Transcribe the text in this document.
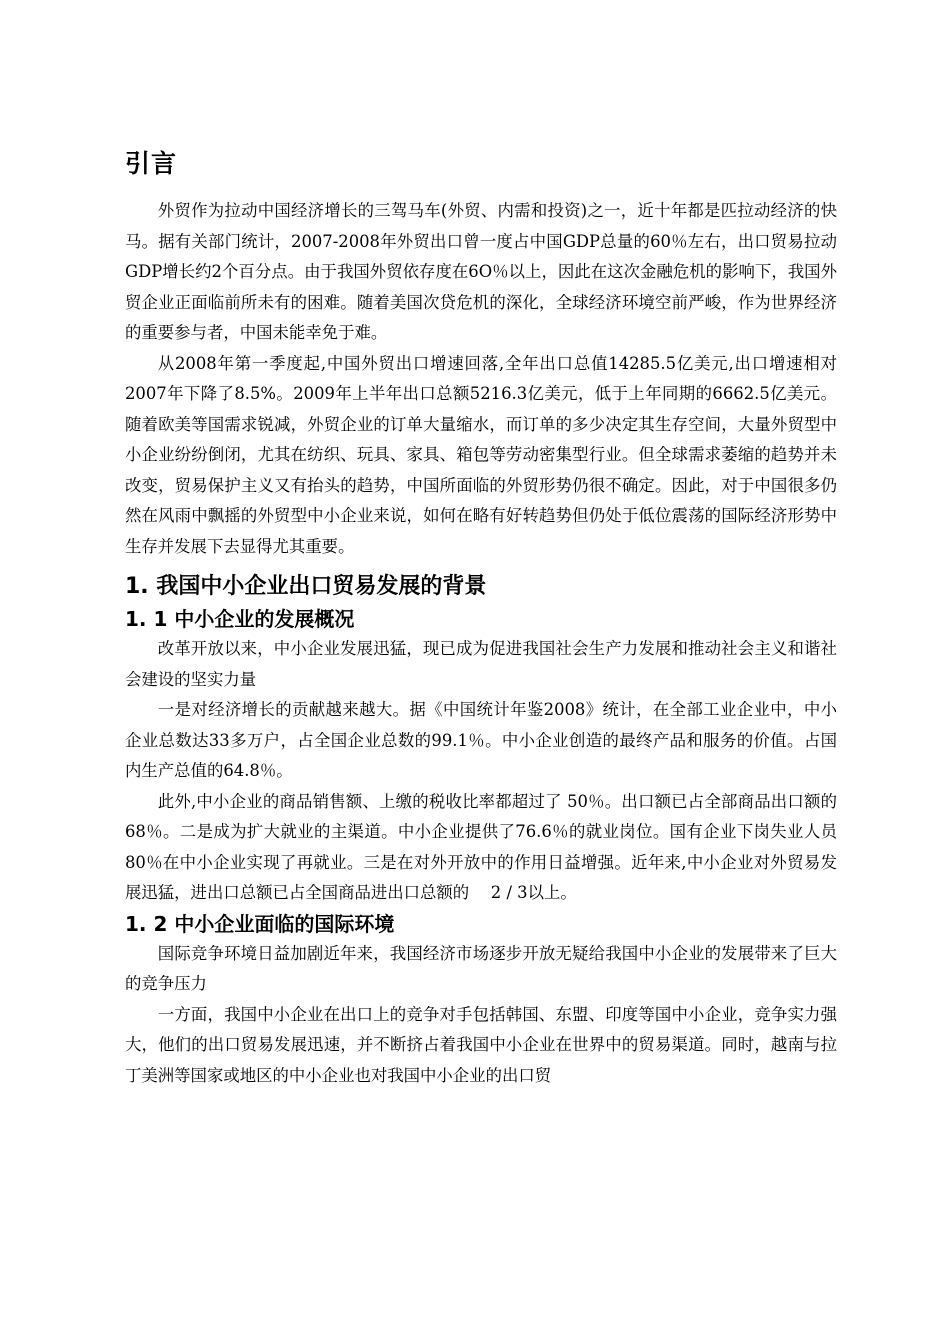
引言

外贸作为拉动中国经济增长的三驾马车(外贸、内需和投资)之一，近十年都是匹拉动经济的快马。据有关部门统计，2007-2008年外贸出口曾一度占中国GDP总量的60％左右，出口贸易拉动GDP增长约2个百分点。由于我国外贸依存度在6O％以上，因此在这次金融危机的影响下，我国外贸企业正面临前所未有的困难。随着美国次贷危机的深化，全球经济环境空前严峻，作为世界经济的重要参与者，中国未能幸免于难。

从2008年第一季度起,中国外贸出口增速回落,全年出口总值14285.5亿美元,出口增速相对2007年下降了8.5%。2009年上半年出口总额5216.3亿美元，低于上年同期的6662.5亿美元。随着欧美等国需求锐减，外贸企业的订单大量缩水，而订单的多少决定其生存空间，大量外贸型中小企业纷纷倒闭，尤其在纺织、玩具、家具、箱包等劳动密集型行业。但全球需求萎缩的趋势并未改变，贸易保护主义又有抬头的趋势，中国所面临的外贸形势仍很不确定。因此，对于中国很多仍然在风雨中飘摇的外贸型中小企业来说，如何在略有好转趋势但仍处于低位震荡的国际经济形势中生存并发展下去显得尤其重要。

1. 我国中小企业出口贸易发展的背景
1. 1 中小企业的发展概况

改革开放以来，中小企业发展迅猛，现已成为促进我国社会生产力发展和推动社会主义和谐社会建设的坚实力量

一是对经济增长的贡献越来越大。据《中国统计年鉴2008》统计，在全部工业企业中，中小企业总数达33多万户，占全国企业总数的99.1％。中小企业创造的最终产品和服务的价值。占国内生产总值的64.8％。

此外,中小企业的商品销售额、上缴的税收比率都超过了 50％。出口额已占全部商品出口额的68％。二是成为扩大就业的主渠道。中小企业提供了76.6％的就业岗位。国有企业下岗失业人员80％在中小企业实现了再就业。三是在对外开放中的作用日益增强。近年来,中小企业对外贸易发展迅猛，进出口总额已占全国商品进出口总额的　 2 / 3以上。

1. 2 中小企业面临的国际环境

国际竞争环境日益加剧近年来，我国经济市场逐步开放无疑给我国中小企业的发展带来了巨大的竞争压力

一方面，我国中小企业在出口上的竞争对手包括韩国、东盟、印度等国中小企业，竞争实力强大，他们的出口贸易发展迅速，并不断挤占着我国中小企业在世界中的贸易渠道。同时，越南与拉丁美洲等国家或地区的中小企业也对我国中小企业的出口贸
